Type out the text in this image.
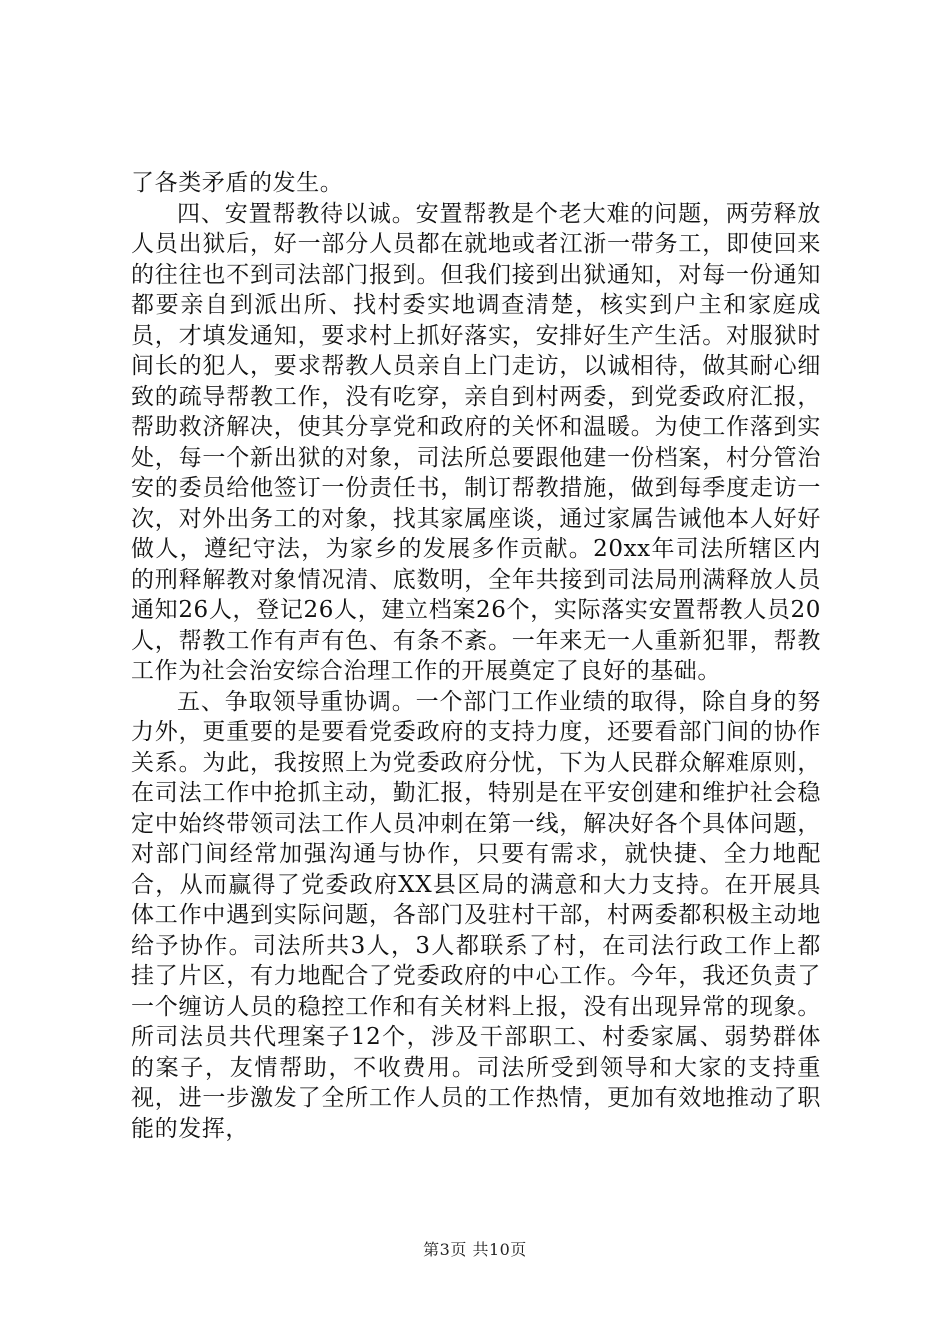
了各类矛盾的发生。

四、安置帮教待以诚。安置帮教是个老大难的问题，两劳释放人员出狱后，好一部分人员都在就地或者江浙一带务工，即使回来的往往也不到司法部门报到。但我们接到出狱通知，对每一份通知都要亲自到派出所、找村委实地调查清楚，核实到户主和家庭成员，才填发通知，要求村上抓好落实，安排好生产生活。对服狱时间长的犯人，要求帮教人员亲自上门走访，以诚相待，做其耐心细致的疏导帮教工作，没有吃穿，亲自到村两委，到党委政府汇报，帮助救济解决，使其分享党和政府的关怀和温暖。为使工作落到实处，每一个新出狱的对象，司法所总要跟他建一份档案，村分管治安的委员给他签订一份责任书，制订帮教措施，做到每季度走访一次，对外出务工的对象，找其家属座谈，通过家属告诫他本人好好做人，遵纪守法，为家乡的发展多作贡献。20xx年司法所辖区内的刑释解教对象情况清、底数明，全年共接到司法局刑满释放人员通知26人，登记26人，建立档案26个，实际落实安置帮教人员20人，帮教工作有声有色、有条不紊。一年来无一人重新犯罪，帮教工作为社会治安综合治理工作的开展奠定了良好的基础。

五、争取领导重协调。一个部门工作业绩的取得，除自身的努力外，更重要的是要看党委政府的支持力度，还要看部门间的协作关系。为此，我按照上为党委政府分忧，下为人民群众解难原则，在司法工作中抢抓主动，勤汇报，特别是在平安创建和维护社会稳定中始终带领司法工作人员冲刺在第一线，解决好各个具体问题，对部门间经常加强沟通与协作，只要有需求，就快捷、全力地配合，从而赢得了党委政府XX县区局的满意和大力支持。在开展具体工作中遇到实际问题，各部门及驻村干部，村两委都积极主动地给予协作。司法所共3人，3人都联系了村，在司法行政工作上都挂了片区，有力地配合了党委政府的中心工作。今年，我还负责了一个缠访人员的稳控工作和有关材料上报，没有出现异常的现象。所司法员共代理案子12个，涉及干部职工、村委家属、弱势群体的案子，友情帮助，不收费用。司法所受到领导和大家的支持重视，进一步激发了全所工作人员的工作热情，更加有效地推动了职能的发挥，

第3页 共10页
